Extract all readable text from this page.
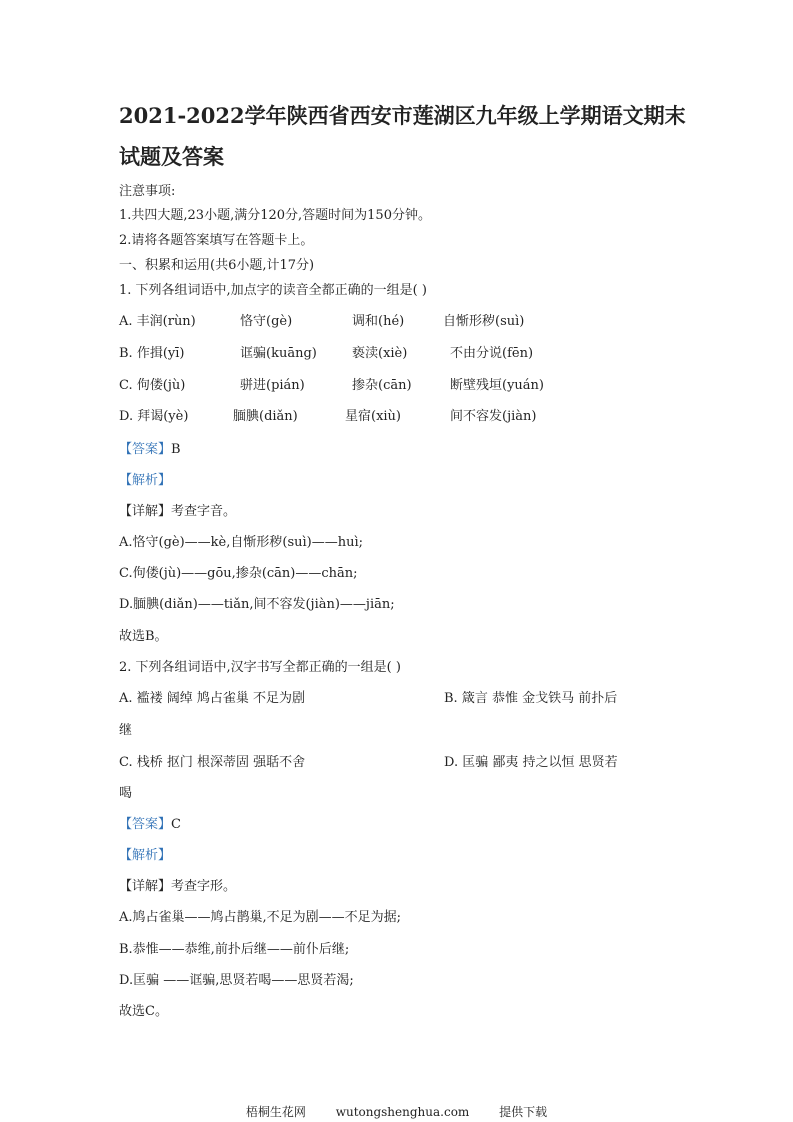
2021-2022学年陕西省西安市莲湖区九年级上学期语文期末
试题及答案
注意事项:
1.共四大题,23小题,满分120分,答题时间为150分钟。
2.请将各题答案填写在答题卡上。
一、积累和运用(共6小题,计17分)
1. 下列各组词语中,加点字的读音全都正确的一组是( )
A. 丰润(rùn)	恪守(gè)	调和(hé)	自惭形秽(suì)
B. 作揖(yī)	诓骗(kuāng)	亵渎(xiè)	不由分说(fēn)
C. 佝偻(jù)	骈进(pián)	掺杂(cān)	断壁残垣(yuán)
D. 拜谒(yè)	腼腆(diǎn)	星宿(xiù)	间不容发(jiàn)
【答案】B
【解析】
【详解】考查字音。
A.恪守(gè)——kè,自惭形秽(suì)——huì;
C.佝偻(jù)——gōu,掺杂(cān)——chān;
D.腼腆(diǎn)——tiǎn,间不容发(jiàn)——jiān;
故选B。
2. 下列各组词语中,汉字书写全都正确的一组是( )
A. 褴褛 阔绰 鸠占雀巢 不足为剧	B. 箴言 恭惟 金戈铁马 前扑后
继
C. 栈桥 抠门 根深蒂固 强聒不舍	D. 匡骗 鄙夷 持之以恒 思贤若
喝
【答案】C
【解析】
【详解】考查字形。
A.鸠占雀巢——鸠占鹊巢,不足为剧——不足为据;
B.恭惟——恭维,前扑后继——前仆后继;
D.匡骗 ——诓骗,思贤若喝——思贤若渴;
故选C。
梧桐生花网 wutongshenghua.com 提供下载
